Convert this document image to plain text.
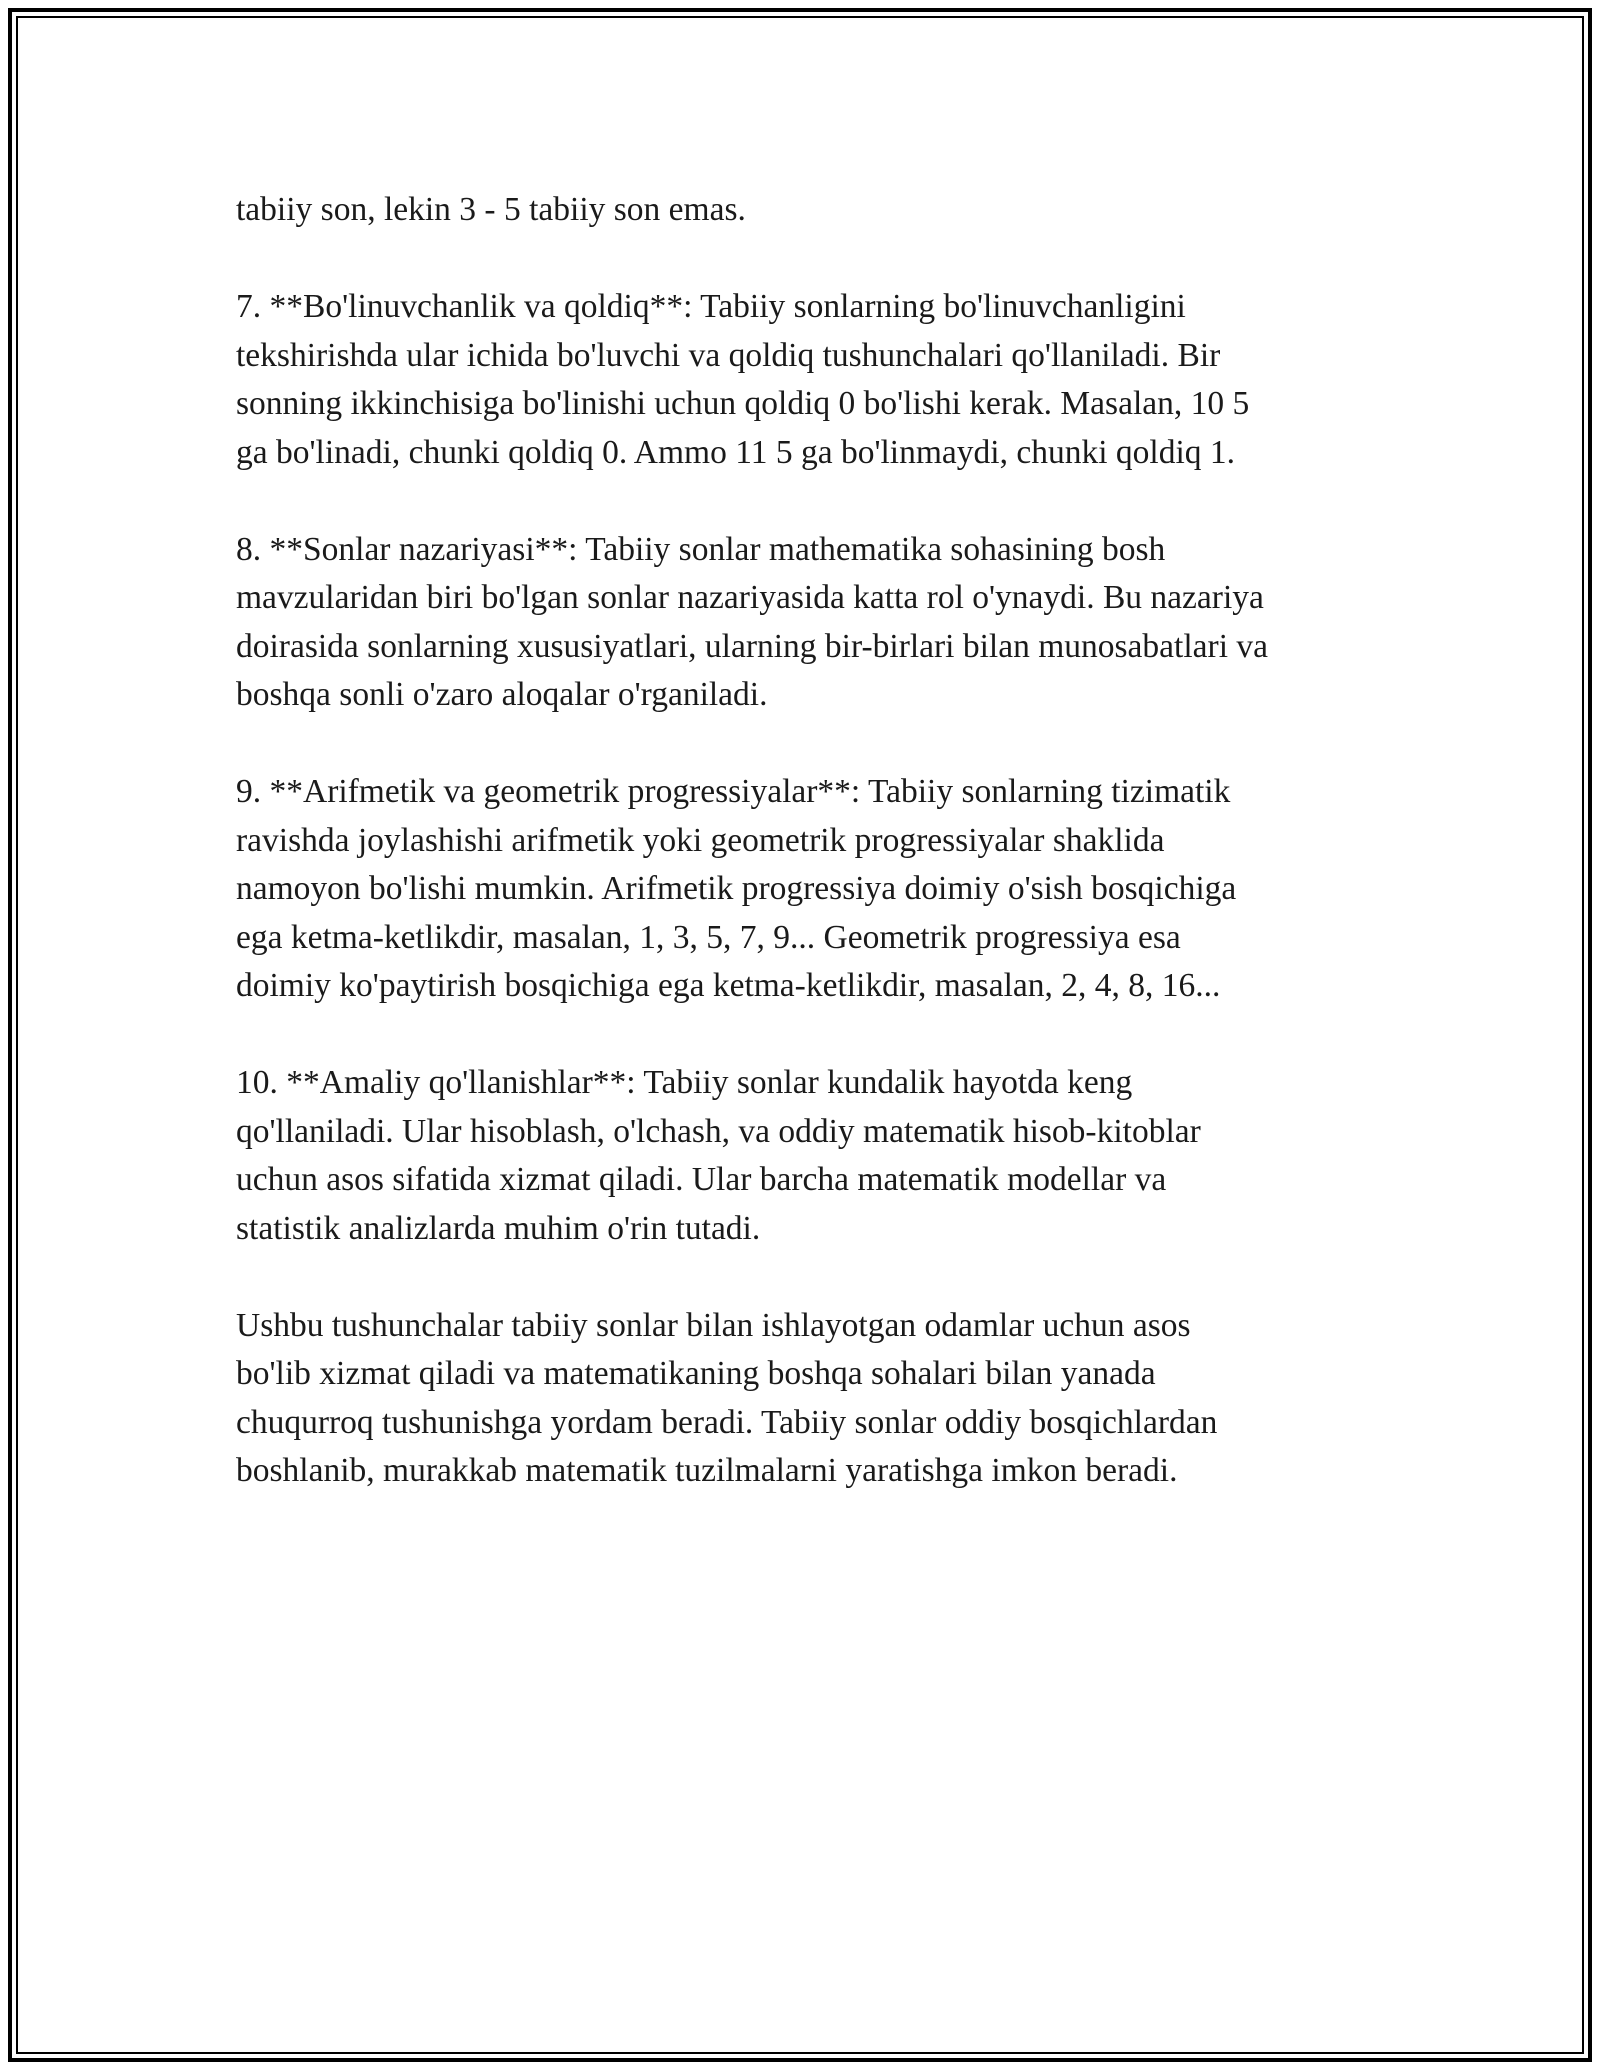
tabiiy son, lekin 3 - 5 tabiiy son emas.

7. **Bo'linuvchanlik va qoldiq**: Tabiiy sonlarning bo'linuvchanligini
tekshirishda ular ichida bo'luvchi va qoldiq tushunchalari qo'llaniladi. Bir
sonning ikkinchisiga bo'linishi uchun qoldiq 0 bo'lishi kerak. Masalan, 10 5
ga bo'linadi, chunki qoldiq 0. Ammo 11 5 ga bo'linmaydi, chunki qoldiq 1.

8. **Sonlar nazariyasi**: Tabiiy sonlar mathematika sohasining bosh
mavzularidan biri bo'lgan sonlar nazariyasida katta rol o'ynaydi. Bu nazariya
doirasida sonlarning xususiyatlari, ularning bir-birlari bilan munosabatlari va
boshqa sonli o'zaro aloqalar o'rganiladi.

9. **Arifmetik va geometrik progressiyalar**: Tabiiy sonlarning tizimatik
ravishda joylashishi arifmetik yoki geometrik progressiyalar shaklida
namoyon bo'lishi mumkin. Arifmetik progressiya doimiy o'sish bosqichiga
ega ketma-ketlikdir, masalan, 1, 3, 5, 7, 9... Geometrik progressiya esa
doimiy ko'paytirish bosqichiga ega ketma-ketlikdir, masalan, 2, 4, 8, 16...

10. **Amaliy qo'llanishlar**: Tabiiy sonlar kundalik hayotda keng
qo'llaniladi. Ular hisoblash, o'lchash, va oddiy matematik hisob-kitoblar
uchun asos sifatida xizmat qiladi. Ular barcha matematik modellar va
statistik analizlarda muhim o'rin tutadi.

Ushbu tushunchalar tabiiy sonlar bilan ishlayotgan odamlar uchun asos
bo'lib xizmat qiladi va matematikaning boshqa sohalari bilan yanada
chuqurroq tushunishga yordam beradi. Tabiiy sonlar oddiy bosqichlardan
boshlanib, murakkab matematik tuzilmalarni yaratishga imkon beradi.
